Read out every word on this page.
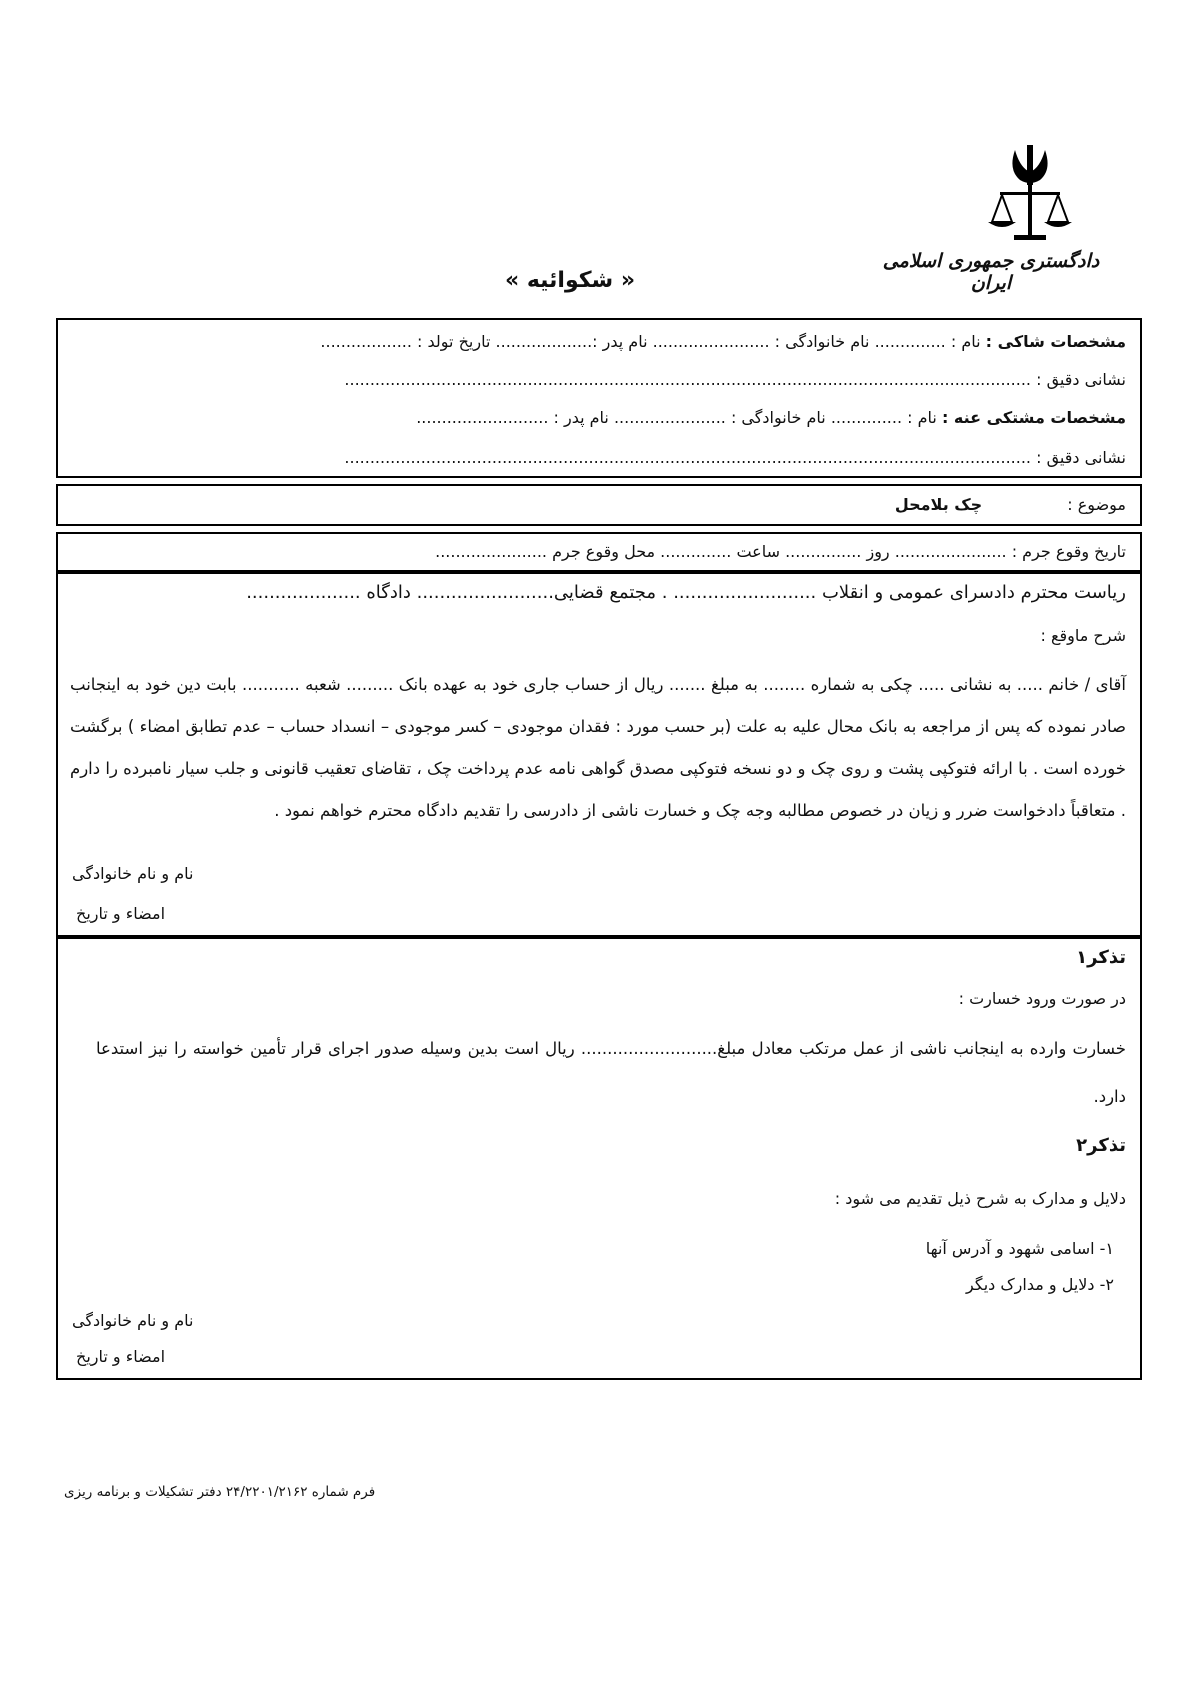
دادگستری جمهوری اسلامی ایران
« شکوائیه »
مشخصات شاکی : نام : .............. نام خانوادگی : ....................... نام پدر :................... تاریخ تولد : ..................
نشانی دقیق : .......................................................................................................................................
مشخصات مشتکی عنه : نام : .............. نام خانوادگی : ...................... نام پدر : ..........................
نشانی دقیق : .......................................................................................................................................
موضوع : چک بلامحل
تاریخ وقوع جرم : ...................... روز ............... ساعت .............. محل وقوع جرم ......................
ریاست محترم دادسرای عمومی و انقلاب ......................... . مجتمع قضایی........................ دادگاه ....................
شرح ماوقع :
آقای / خانم ..... به نشانی ..... چکی به شماره ........ به مبلغ ....... ریال از حساب جاری خود به عهده بانک ......... شعبه ........... بابت دین خود به اینجانب صادر نموده که پس از مراجعه به بانک محال علیه به علت (بر حسب مورد : فقدان موجودی – کسر موجودی – انسداد حساب – عدم تطابق امضاء ) برگشت خورده است . با ارائه فتوکپی پشت و روی چک و دو نسخه فتوکپی مصدق گواهی نامه عدم پرداخت چک ، تقاضای تعقیب قانونی و جلب سیار نامبرده را دارم . متعاقباً دادخواست ضرر و زیان در خصوص مطالبه وجه چک و خسارت ناشی از دادرسی را تقدیم دادگاه محترم خواهم نمود .
نام و نام خانوادگی
امضاء و تاریخ
تذکر۱
در صورت ورود خسارت :
خسارت وارده به اینجانب ناشی از عمل مرتکب معادل مبلغ.......................... ریال است بدین وسیله صدور اجرای قرار تأمین خواسته را نیز استدعا دارد.
تذکر۲
دلایل و مدارک به شرح ذیل تقدیم می شود :
۱- اسامی شهود و آدرس آنها
۲- دلایل و مدارک دیگر
نام و نام خانوادگی
امضاء و تاریخ
فرم شماره ۲۴/۲۲۰۱/۲۱۶۲ دفتر تشکیلات و برنامه ریزی
